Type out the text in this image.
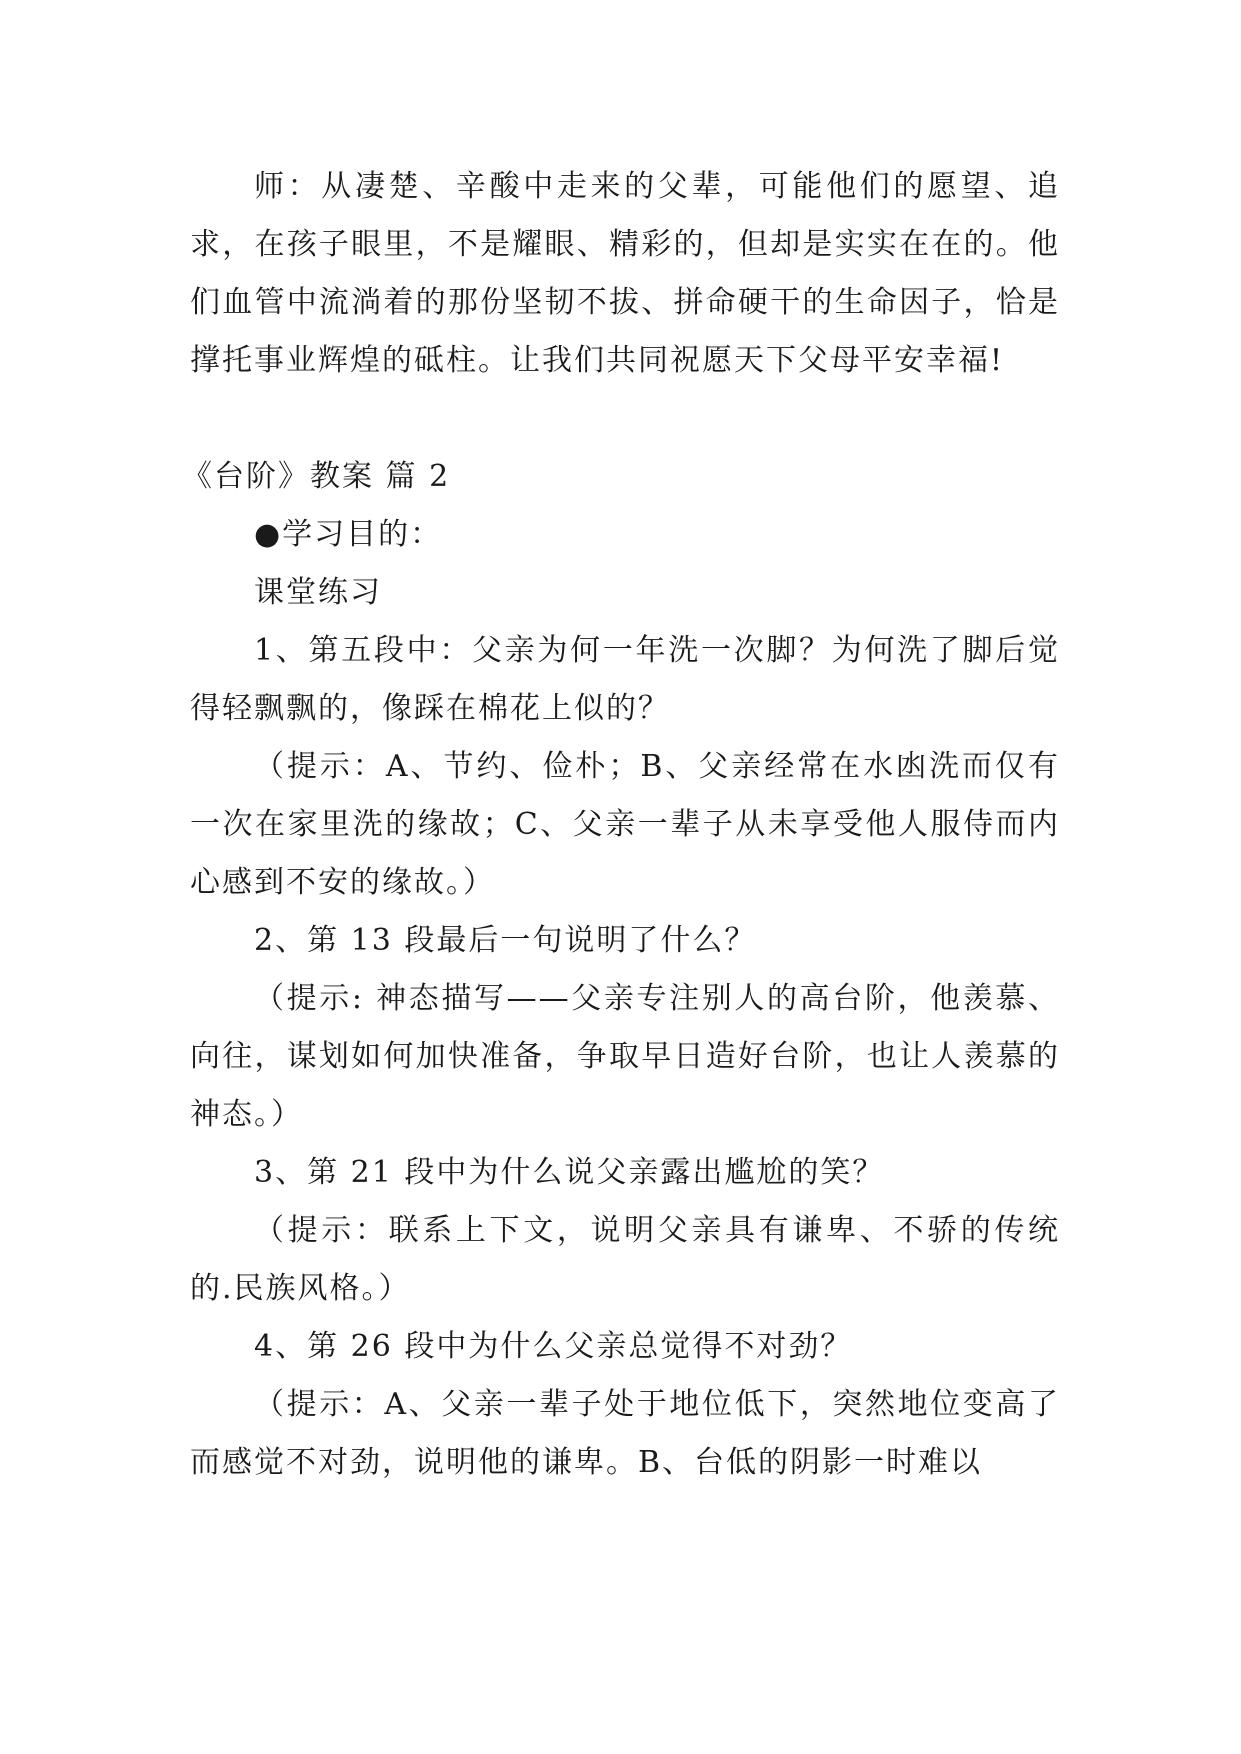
师：从凄楚、辛酸中走来的父辈，可能他们的愿望、追求，在孩子眼里，不是耀眼、精彩的，但却是实实在在的。他们血管中流淌着的那份坚韧不拔、拼命硬干的生命因子，恰是撑托事业辉煌的砥柱。让我们共同祝愿天下父母平安幸福!

《台阶》教案 篇 2

●学习目的：

课堂练习

1、第五段中：父亲为何一年洗一次脚？为何洗了脚后觉得轻飘飘的，像踩在棉花上似的？

（提示：A、节约、俭朴；B、父亲经常在水凼洗而仅有一次在家里洗的缘故；C、父亲一辈子从未享受他人服侍而内心感到不安的缘故。）

2、第 13 段最后一句说明了什么？

（提示: 神态描写——父亲专注别人的高台阶，他羡慕、向往，谋划如何加快准备，争取早日造好台阶，也让人羡慕的神态。）

3、第 21 段中为什么说父亲露出尴尬的笑？

（提示：联系上下文，说明父亲具有谦卑、不骄的传统的.民族风格。）

4、第 26 段中为什么父亲总觉得不对劲？

（提示：A、父亲一辈子处于地位低下，突然地位变高了而感觉不对劲，说明他的谦卑。B、台低的阴影一时难以
